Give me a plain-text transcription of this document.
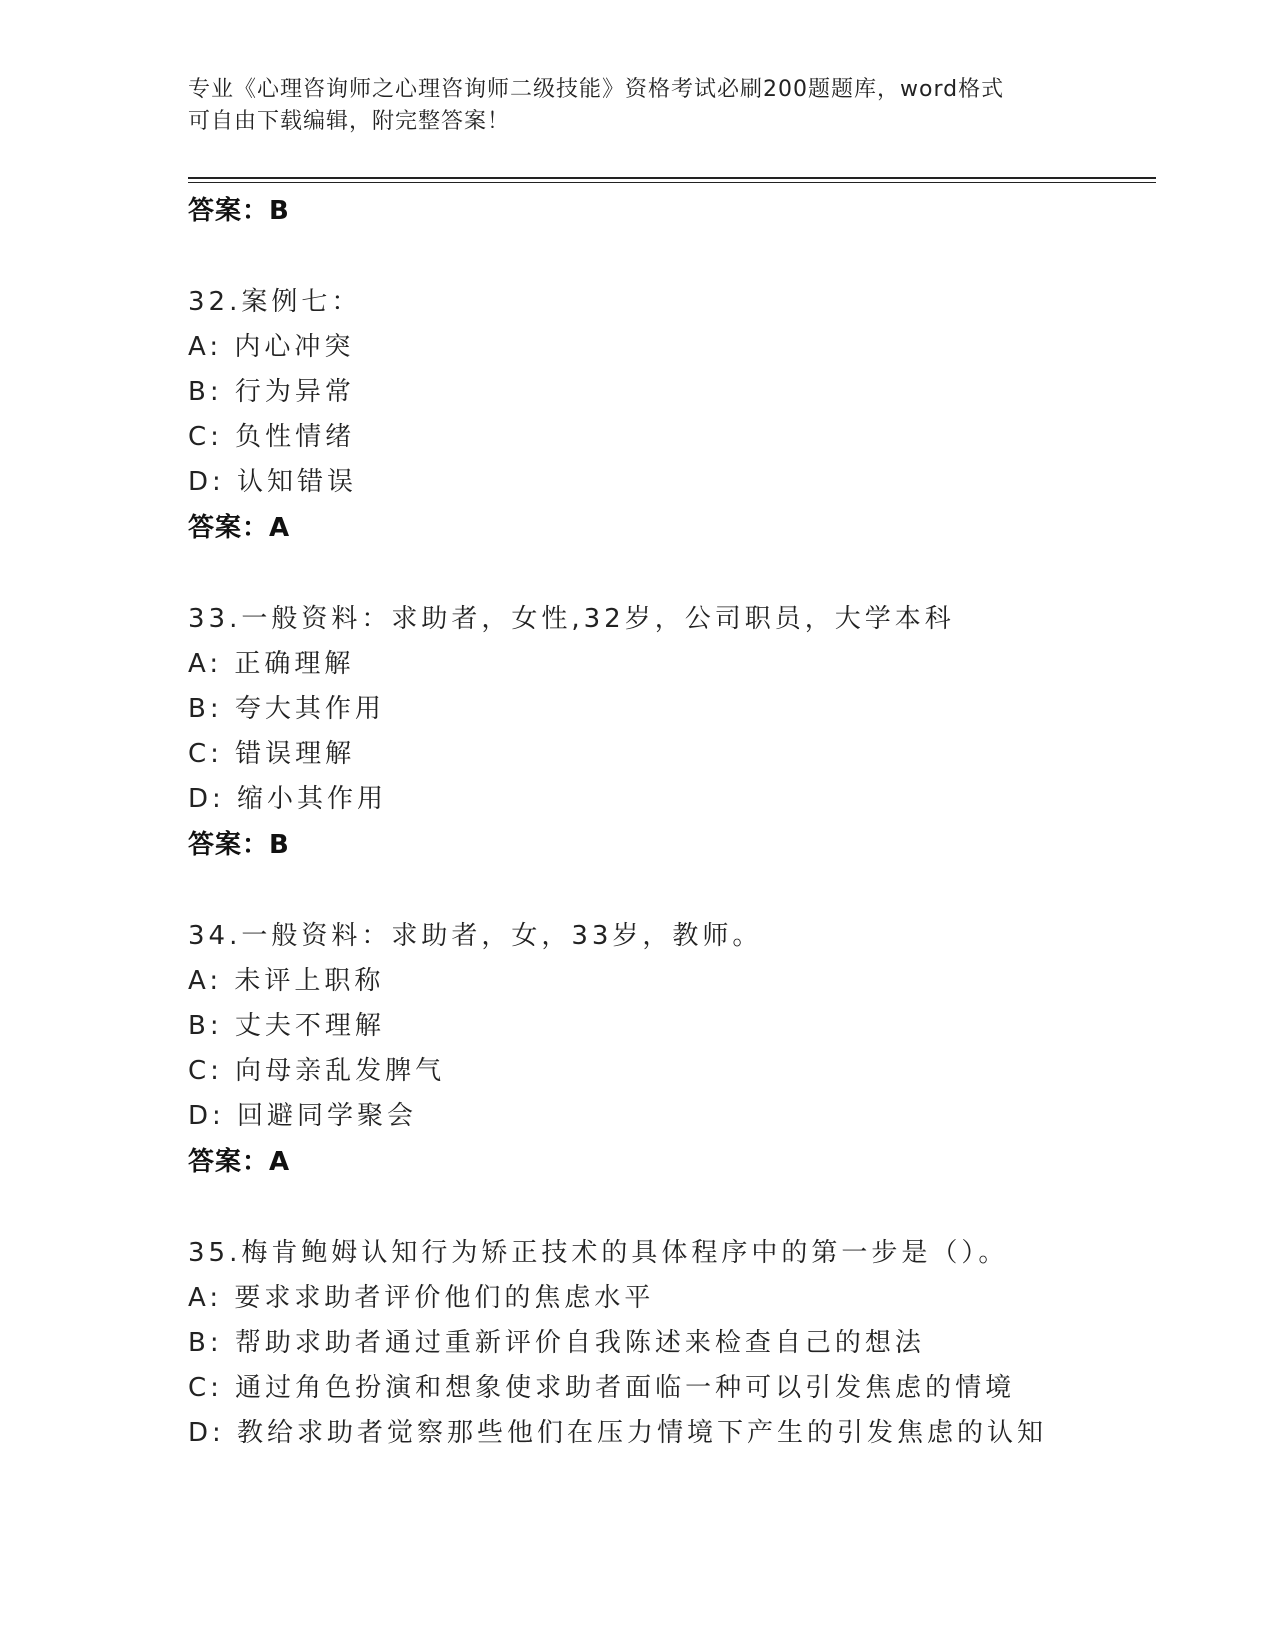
专业《心理咨询师之心理咨询师二级技能》资格考试必刷200题题库，word格式
可自由下载编辑，附完整答案！
答案：B
32.案例七：
A: 内心冲突
B: 行为异常
C: 负性情绪
D: 认知错误
答案：A
33.一般资料：求助者，女性,32岁，公司职员，大学本科
A: 正确理解
B: 夸大其作用
C: 错误理解
D: 缩小其作用
答案：B
34.一般资料：求助者，女，33岁，教师。
A: 未评上职称
B: 丈夫不理解
C: 向母亲乱发脾气
D: 回避同学聚会
答案：A
35.梅肯鲍姆认知行为矫正技术的具体程序中的第一步是（）。
A: 要求求助者评价他们的焦虑水平
B: 帮助求助者通过重新评价自我陈述来检查自己的想法
C: 通过角色扮演和想象使求助者面临一种可以引发焦虑的情境
D: 教给求助者觉察那些他们在压力情境下产生的引发焦虑的认知
